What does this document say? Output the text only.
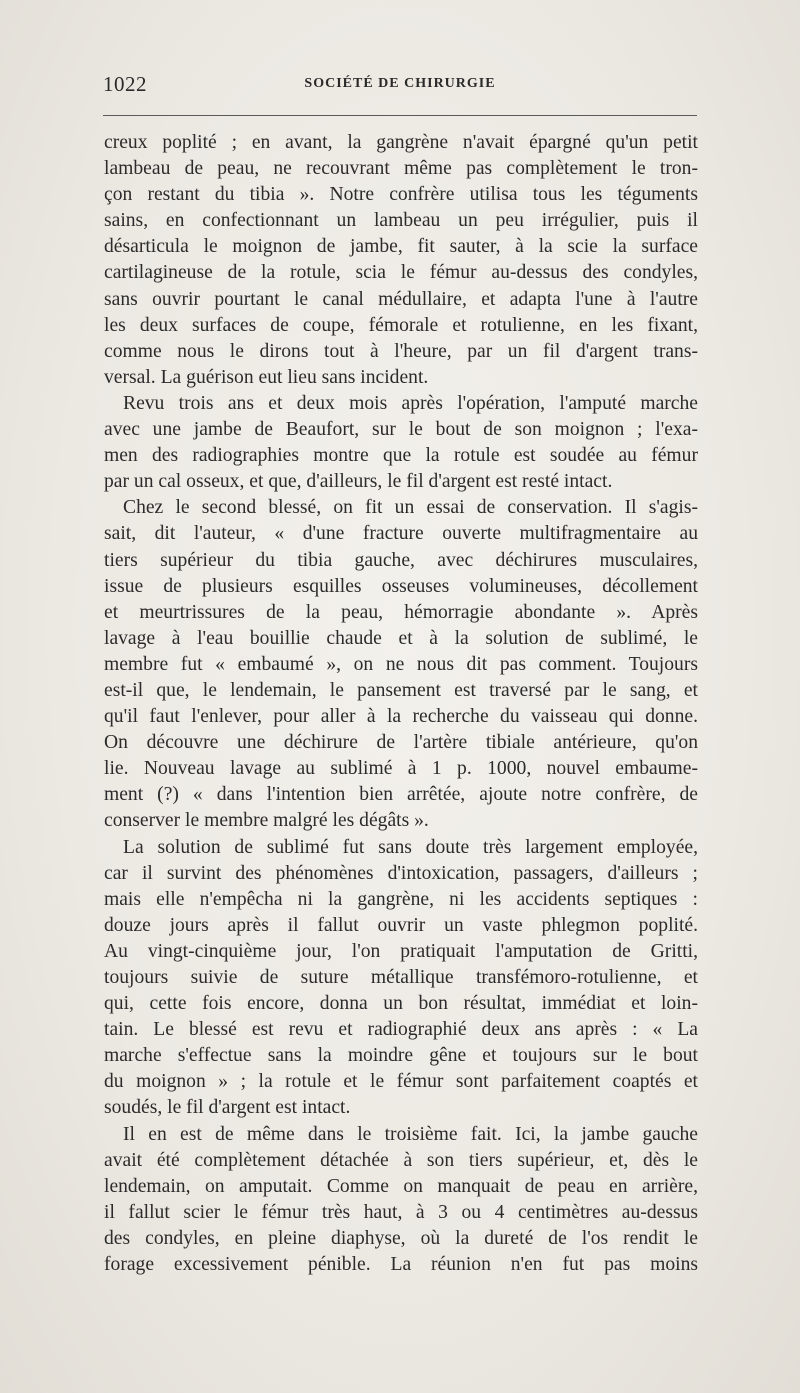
1022	SOCIÉTÉ DE CHIRURGIE
creux poplité ; en avant, la gangrène n'avait épargné qu'un petit
lambeau de peau, ne recouvrant même pas complètement le tron-
çon restant du tibia ». Notre confrère utilisa tous les téguments
sains, en confectionnant un lambeau un peu irrégulier, puis il
désarticula le moignon de jambe, fit sauter, à la scie la surface
cartilagineuse de la rotule, scia le fémur au-dessus des condyles,
sans ouvrir pourtant le canal médullaire, et adapta l'une à l'autre
les deux surfaces de coupe, fémorale et rotulienne, en les fixant,
comme nous le dirons tout à l'heure, par un fil d'argent trans-
versal. La guérison eut lieu sans incident.
Revu trois ans et deux mois après l'opération, l'amputé marche
avec une jambe de Beaufort, sur le bout de son moignon ; l'exa-
men des radiographies montre que la rotule est soudée au fémur
par un cal osseux, et que, d'ailleurs, le fil d'argent est resté intact.
Chez le second blessé, on fit un essai de conservation. Il s'agis-
sait, dit l'auteur, « d'une fracture ouverte multifragmentaire au
tiers supérieur du tibia gauche, avec déchirures musculaires,
issue de plusieurs esquilles osseuses volumineuses, décollement
et meurtrissures de la peau, hémorragie abondante ». Après
lavage à l'eau bouillie chaude et à la solution de sublimé, le
membre fut « embaumé », on ne nous dit pas comment. Toujours
est-il que, le lendemain, le pansement est traversé par le sang, et
qu'il faut l'enlever, pour aller à la recherche du vaisseau qui donne.
On découvre une déchirure de l'artère tibiale antérieure, qu'on
lie. Nouveau lavage au sublimé à 1 p. 1000, nouvel embaume-
ment (?) « dans l'intention bien arrêtée, ajoute notre confrère, de
conserver le membre malgré les dégâts ».
La solution de sublimé fut sans doute très largement employée,
car il survint des phénomènes d'intoxication, passagers, d'ailleurs ;
mais elle n'empêcha ni la gangrène, ni les accidents septiques :
douze jours après il fallut ouvrir un vaste phlegmon poplité.
Au vingt-cinquième jour, l'on pratiquait l'amputation de Gritti,
toujours suivie de suture métallique transfémoro-rotulienne, et
qui, cette fois encore, donna un bon résultat, immédiat et loin-
tain. Le blessé est revu et radiographié deux ans après : « La
marche s'effectue sans la moindre gêne et toujours sur le bout
du moignon » ; la rotule et le fémur sont parfaitement coaptés et
soudés, le fil d'argent est intact.
Il en est de même dans le troisième fait. Ici, la jambe gauche
avait été complètement détachée à son tiers supérieur, et, dès le
lendemain, on amputait. Comme on manquait de peau en arrière,
il fallut scier le fémur très haut, à 3 ou 4 centimètres au-dessus
des condyles, en pleine diaphyse, où la dureté de l'os rendit le
forage excessivement pénible. La réunion n'en fut pas moins
